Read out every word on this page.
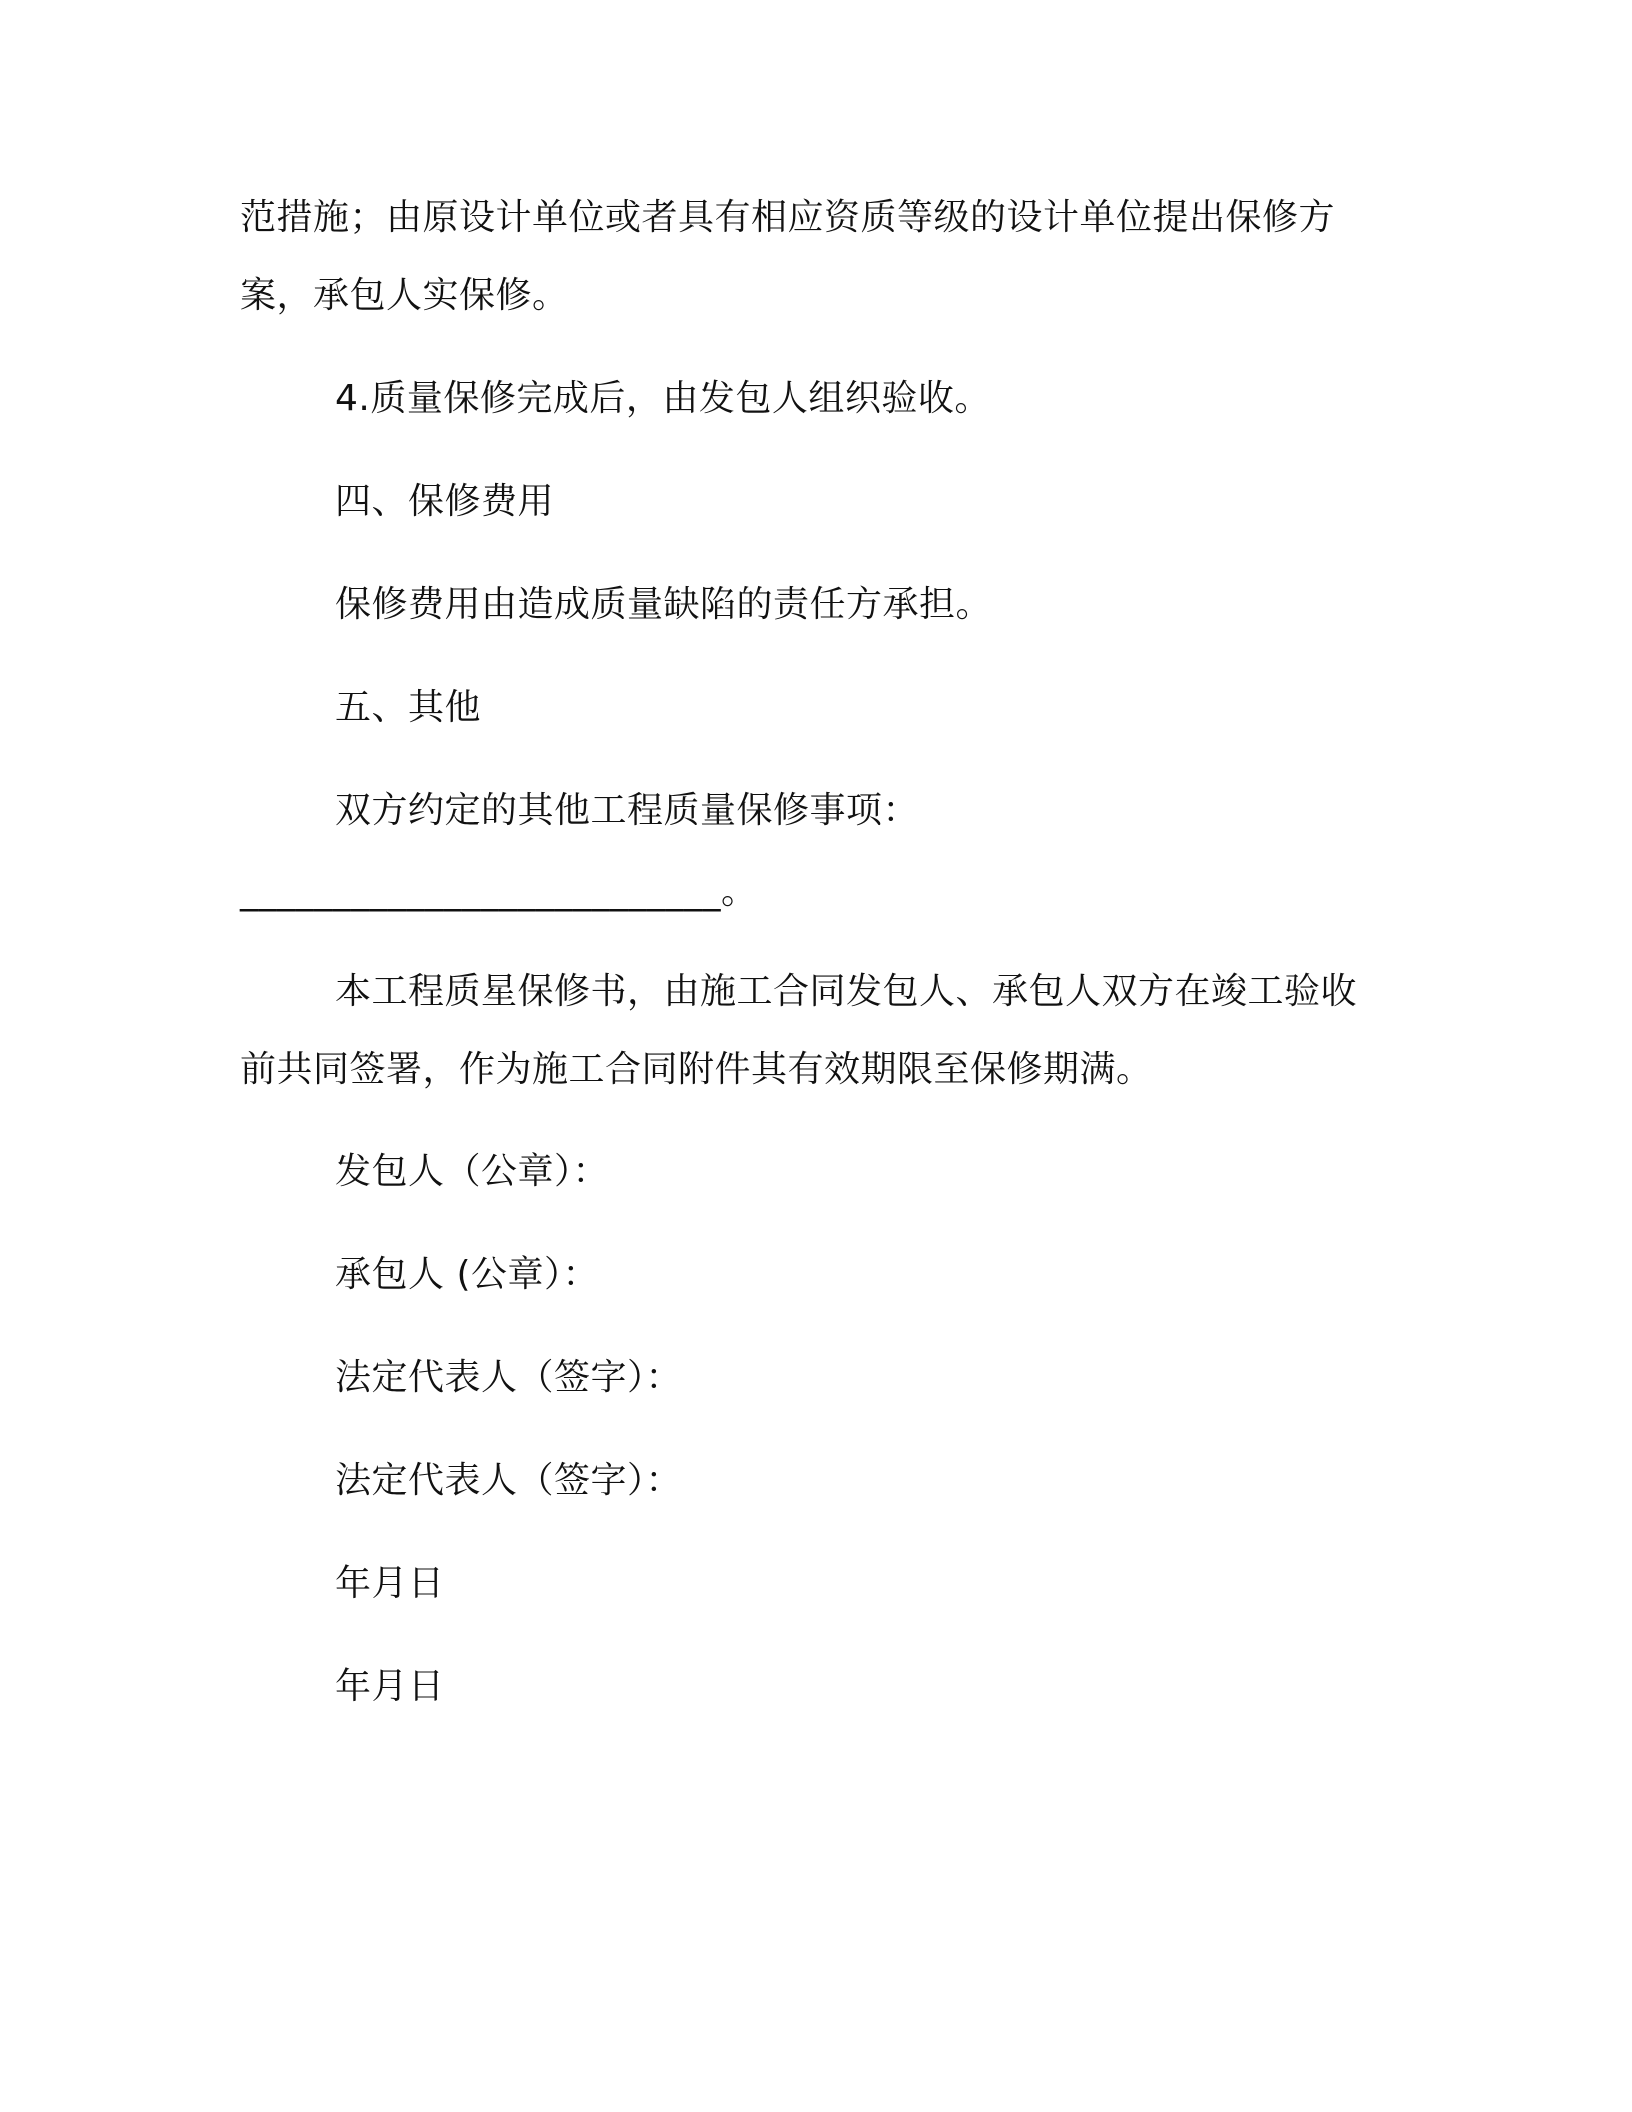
范措施；由原设计单位或者具有相应资质等级的设计单位提出保修方
案，承包人实保修。
4.质量保修完成后，由发包人组织验收。
四、保修费用
保修费用由造成质量缺陷的责任方承担。
五、其他
双方约定的其他工程质量保修事项：
__________________________。
本工程质星保修书，由施工合同发包人、承包人双方在竣工验收
前共同签署，作为施工合同附件其有效期限至保修期满。
发包人（公章）：
承包人 (公章）：
法定代表人（签字）：
法定代表人（签字）：
年月日
年月日
